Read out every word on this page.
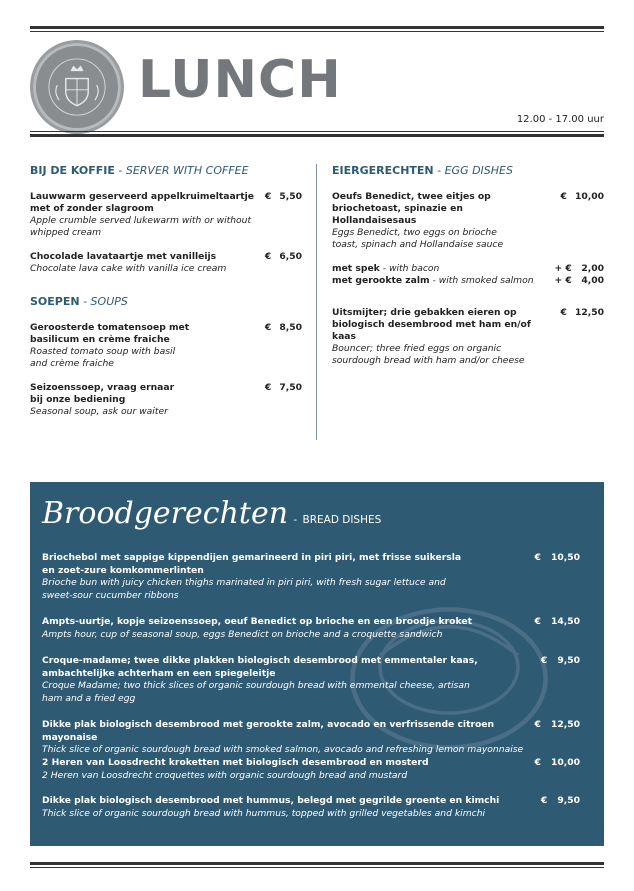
LUNCH
12.00 - 17.00 uur
BIJ DE KOFFIE - SERVER WITH COFFEE
Lauwwarm geserveerd appelkruimeltaartje met of zonder slagroom
Apple crumble served lukewarm with or without whipped cream
€ 5,50
Chocolade lavataartje met vanilleijs
Chocolate lava cake with vanilla ice cream
€ 6,50
SOEPEN - SOUPS
Geroosterde tomatensoep met basilicum en crème fraiche
Roasted tomato soup with basil and crème fraiche
€ 8,50
Seizoenssoep, vraag ernaar bij onze bediening
Seasonal soup, ask our waiter
€ 7,50
EIERGERECHTEN - EGG DISHES
Oeufs Benedict, twee eitjes op briochetoast, spinazie en Hollandaisesaus
Eggs Benedict, two eggs on brioche toast, spinach and Hollandaise sauce
€ 10,00
met spek - with bacon	+ €   2,00
met gerookte zalm - with smoked salmon + €   4,00
Uitsmijter; drie gebakken eieren op biologisch desembrood met ham en/of kaas
Bouncer; three fried eggs on organic sourdough bread with ham and/or cheese
€ 12,50
Broodgerechten - BREAD DISHES
Briochebol met sappige kippendijen gemarineerd in piri piri, met frisse suikersla en zoet-zure komkommerlinten
Brioche bun with juicy chicken thighs marinated in piri piri, with fresh sugar lettuce and sweet-sour cucumber ribbons
€ 10,50
Ampts-uurtje, kopje seizoenssoep, oeuf Benedict op brioche en een broodje kroket
Ampts hour, cup of seasonal soup, eggs Benedict on brioche and a croquette sandwich
€ 14,50
Croque-madame; twee dikke plakken biologisch desembrood met emmentaler kaas, ambachtelijke achterham en een spiegeleitje
Croque Madame; two thick slices of organic sourdough bread with emmental cheese, artisan ham and a fried egg
€ 9,50
Dikke plak biologisch desembrood met gerookte zalm, avocado en verfrissende citroen mayonaise
Thick slice of organic sourdough bread with smoked salmon, avocado and refreshing lemon mayonnaise
€ 12,50
2 Heren van Loosdrecht kroketten met biologisch desembrood en mosterd
2 Heren van Loosdrecht croquettes with organic sourdough bread and mustard
€ 10,00
Dikke plak biologisch desembrood met hummus, belegd met gegrilde groente en kimchi
Thick slice of organic sourdough bread with hummus, topped with grilled vegetables and kimchi
€ 9,50
